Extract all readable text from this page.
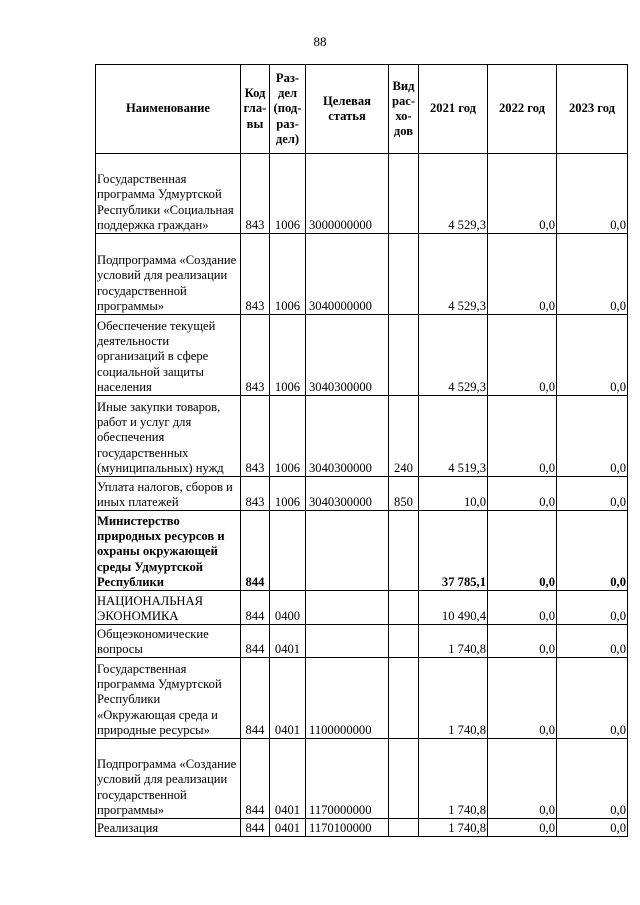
88
Наименование	Код гла- вы	Раз- дел (под- раз- дел)	Целевая статья	Вид рас- хо- дов	2021 год	2022 год	2023 год
Государственная программа Удмуртской Республики «Социальная поддержка граждан»	843	1006	3000000000		4 529,3	0,0	0,0
Подпрограмма «Создание условий для реализации государственной программы»	843	1006	3040000000		4 529,3	0,0	0,0
Обеспечение текущей деятельности организаций в сфере социальной защиты населения	843	1006	3040300000		4 529,3	0,0	0,0
Иные закупки товаров, работ и услуг для обеспечения государственных (муниципальных) нужд	843	1006	3040300000	240	4 519,3	0,0	0,0
Уплата налогов, сборов и иных платежей	843	1006	3040300000	850	10,0	0,0	0,0
Министерство природных ресурсов и охраны окружающей среды Удмуртской Республики	844				37 785,1	0,0	0,0
НАЦИОНАЛЬНАЯ ЭКОНОМИКА	844	0400			10 490,4	0,0	0,0
Общеэкономические вопросы	844	0401			1 740,8	0,0	0,0
Государственная программа Удмуртской Республики «Окружающая среда и природные ресурсы»	844	0401	1100000000		1 740,8	0,0	0,0
Подпрограмма «Создание условий для реализации государственной программы»	844	0401	1170000000		1 740,8	0,0	0,0
Реализация	844	0401	1170100000		1 740,8	0,0	0,0
